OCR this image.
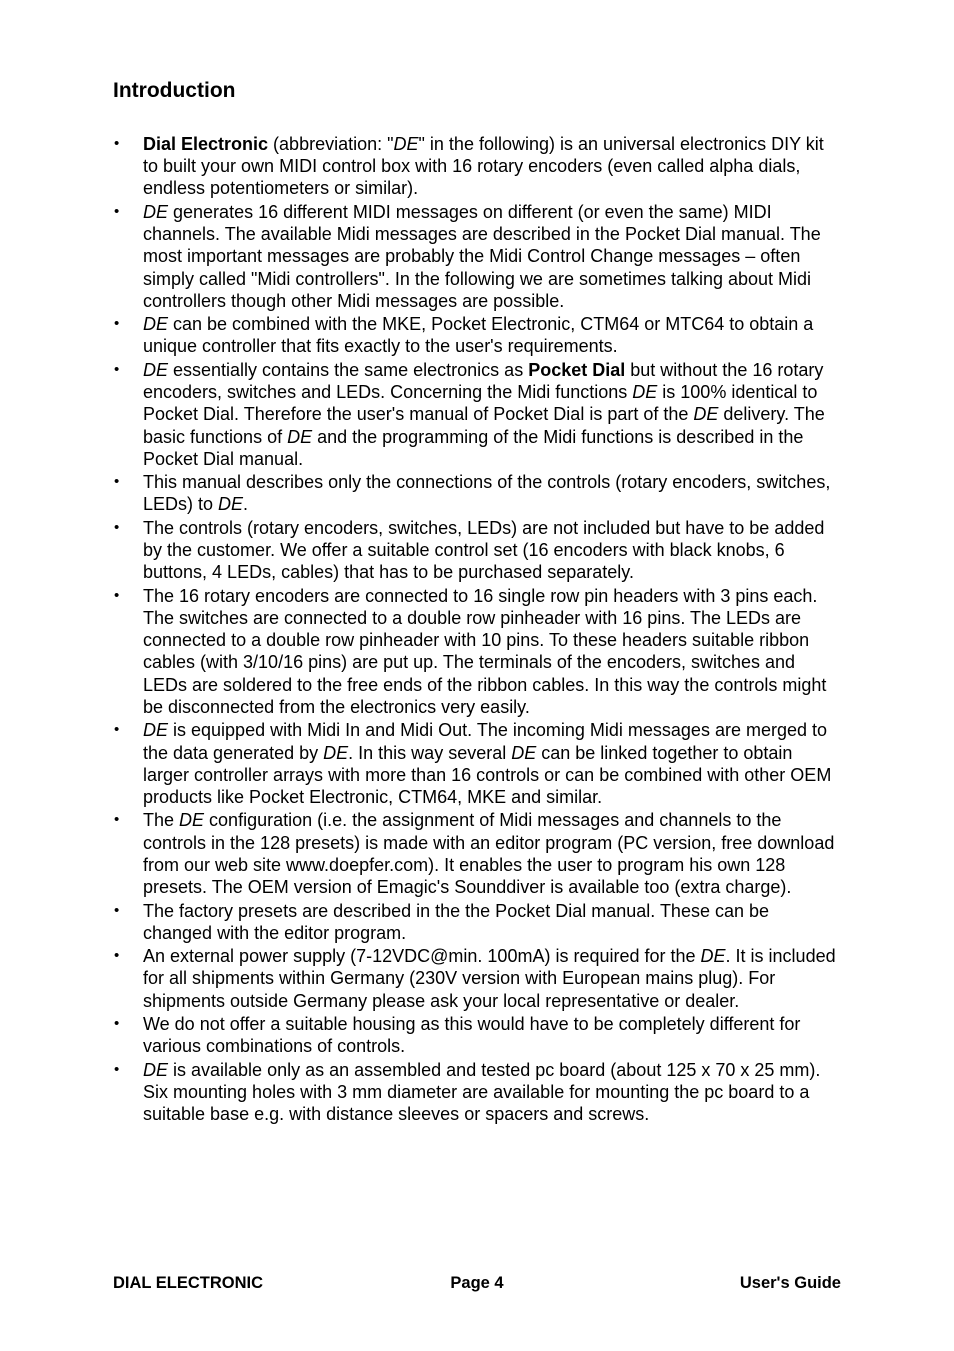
Introduction
• Dial Electronic (abbreviation: "DE" in the following) is an universal electronics DIY kit to built your own MIDI control box with 16 rotary encoders (even called alpha dials, endless potentiometers or similar).
• DE generates 16 different MIDI messages on different (or even the same) MIDI channels. The available Midi messages are described in the Pocket Dial manual. The most important messages are probably the Midi Control Change messages – often simply called "Midi controllers". In the following we are sometimes talking about Midi controllers though other Midi messages are possible.
• DE can be combined with the MKE, Pocket Electronic, CTM64 or MTC64 to obtain a unique controller that fits exactly to the user's requirements.
• DE essentially contains the same electronics as Pocket Dial but without the 16 rotary encoders, switches and LEDs. Concerning the Midi functions DE is 100% identical to Pocket Dial. Therefore the user's manual of Pocket Dial is part of the DE delivery. The basic functions of DE and the programming of the Midi functions is described in the Pocket Dial manual.
• This manual describes only the connections of the controls (rotary encoders, switches, LEDs) to DE.
• The controls (rotary encoders, switches, LEDs) are not included but have to be added by the customer. We offer a suitable control set (16 encoders with black knobs, 6 buttons, 4 LEDs, cables) that has to be purchased separately.
• The 16 rotary encoders are connected to 16 single row pin headers with 3 pins each. The switches are connected to a double row pinheader with 16 pins. The LEDs are connected to a double row pinheader with 10 pins. To these headers suitable ribbon cables (with 3/10/16 pins) are put up. The terminals of the encoders, switches and LEDs are soldered to the free ends of the ribbon cables. In this way the controls might be disconnected from the electronics very easily.
• DE is equipped with Midi In and Midi Out. The incoming Midi messages are merged to the data generated by DE. In this way several DE can be linked together to obtain larger controller arrays with more than 16 controls or can be combined with other OEM products like Pocket Electronic, CTM64, MKE and similar.
• The DE configuration (i.e. the assignment of Midi messages and channels to the controls in the 128 presets) is made with an editor program (PC version, free download from our web site www.doepfer.com). It enables the user to program his own 128 presets. The OEM version of Emagic's Sounddiver is available too (extra charge).
• The factory presets are described in the the Pocket Dial manual. These can be changed with the editor program.
• An external power supply (7-12VDC@min. 100mA) is required for the DE. It is included for all shipments within Germany (230V version with European mains plug). For shipments outside Germany please ask your local representative or dealer.
• We do not offer a suitable housing as this would have to be completely different for various combinations of controls.
• DE is available only as an assembled and tested pc board (about 125 x 70 x 25 mm). Six mounting holes with 3 mm diameter are available for mounting the pc board to a suitable base e.g. with distance sleeves or spacers and screws.
DIAL ELECTRONIC	Page 4	User's Guide
